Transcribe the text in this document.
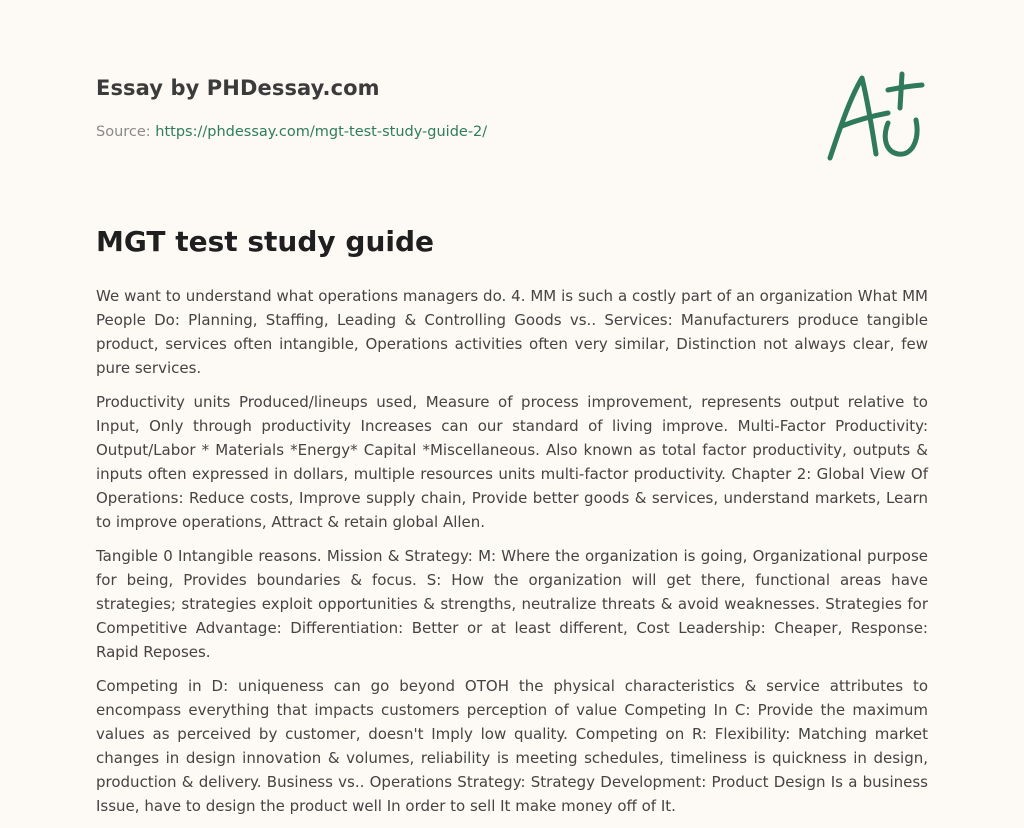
Essay by PHDessay.com
Source: https://phdessay.com/mgt-test-study-guide-2/
MGT test study guide

We want to understand what operations managers do. 4. MM is such a costly part of an organization What MM People Do: Planning, Staffing, Leading & Controlling Goods vs.. Services: Manufacturers produce tangible product, services often intangible, Operations activities often very similar, Distinction not always clear, few pure services.

Productivity units Produced/lineups used, Measure of process improvement, represents output relative to Input, Only through productivity Increases can our standard of living improve. Multi-Factor Productivity: Output/Labor * Materials *Energy* Capital *Miscellaneous. Also known as total factor productivity, outputs & inputs often expressed in dollars, multiple resources units multi-factor productivity. Chapter 2: Global View Of Operations: Reduce costs, Improve supply chain, Provide better goods & services, understand markets, Learn to improve operations, Attract & retain global Allen.

Tangible 0 Intangible reasons. Mission & Strategy: M: Where the organization is going, Organizational purpose for being, Provides boundaries & focus. S: How the organization will get there, functional areas have strategies; strategies exploit opportunities & strengths, neutralize threats & avoid weaknesses. Strategies for Competitive Advantage: Differentiation: Better or at least different, Cost Leadership: Cheaper, Response: Rapid Reposes.

Competing in D: uniqueness can go beyond OTOH the physical characteristics & service attributes to encompass everything that impacts customers perception of value Competing In C: Provide the maximum values as perceived by customer, doesn't Imply low quality. Competing on R: Flexibility: Matching market changes in design innovation & volumes, reliability is meeting schedules, timeliness is quickness in design, production & delivery. Business vs.. Operations Strategy: Strategy Development: Product Design Is a business Issue, have to design the product well In order to sell It make money off of It.
